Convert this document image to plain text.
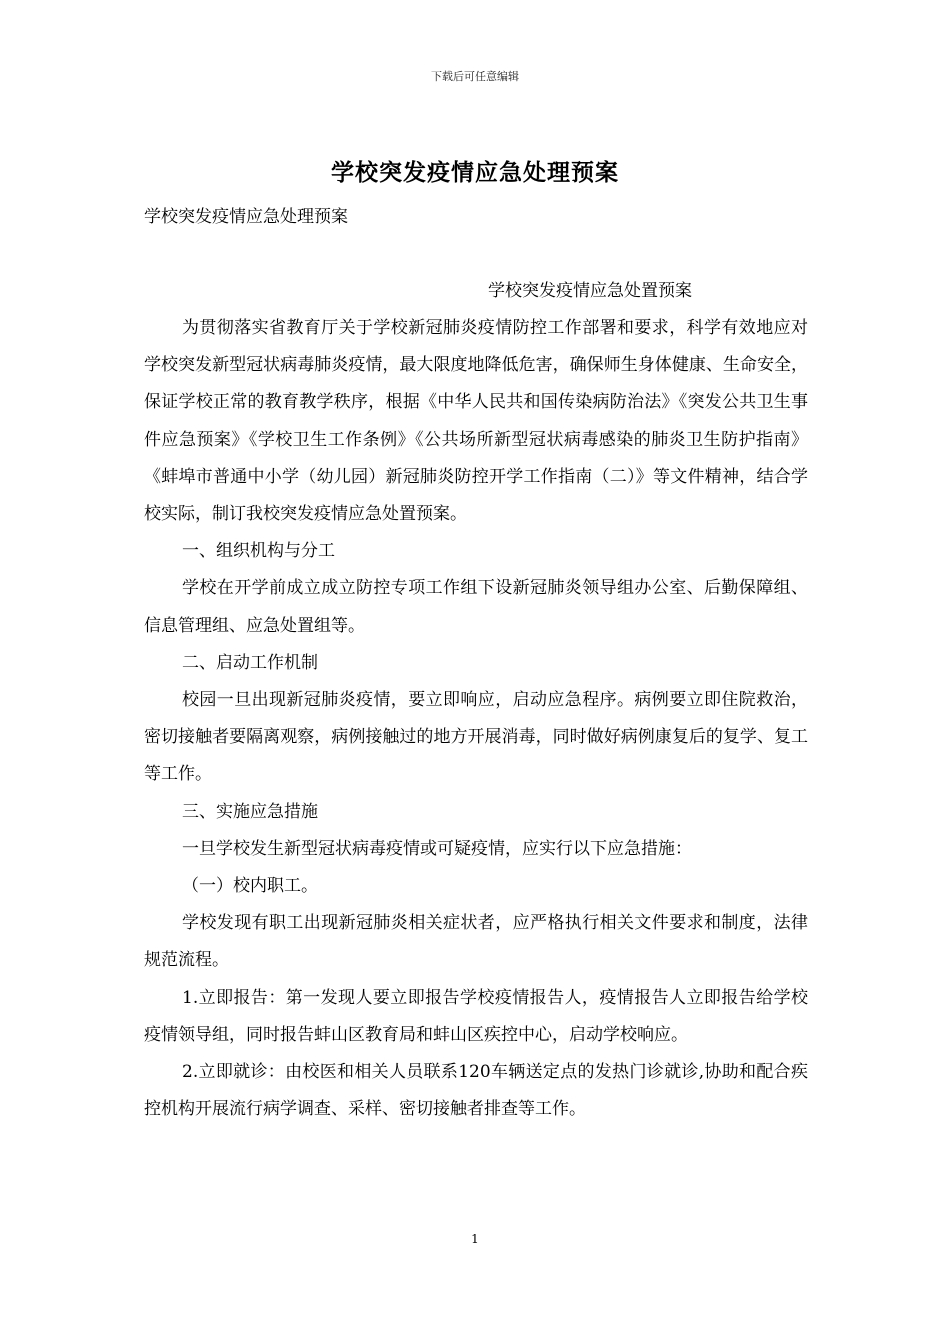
下载后可任意编辑
学校突发疫情应急处理预案
学校突发疫情应急处理预案
学校突发疫情应急处置预案

为贯彻落实省教育厅关于学校新冠肺炎疫情防控工作部署和要求，科学有效地应对学校突发新型冠状病毒肺炎疫情，最大限度地降低危害，确保师生身体健康、生命安全，保证学校正常的教育教学秩序，根据《中华人民共和国传染病防治法》《突发公共卫生事件应急预案》《学校卫生工作条例》《公共场所新型冠状病毒感染的肺炎卫生防护指南》《蚌埠市普通中小学（幼儿园）新冠肺炎防控开学工作指南（二）》等文件精神，结合学校实际，制订我校突发疫情应急处置预案。

一、组织机构与分工

学校在开学前成立成立防控专项工作组下设新冠肺炎领导组办公室、后勤保障组、信息管理组、应急处置组等。

二、启动工作机制

校园一旦出现新冠肺炎疫情，要立即响应，启动应急程序。病例要立即住院救治，密切接触者要隔离观察，病例接触过的地方开展消毒，同时做好病例康复后的复学、复工等工作。

三、实施应急措施

一旦学校发生新型冠状病毒疫情或可疑疫情，应实行以下应急措施：

（一）校内职工。

学校发现有职工出现新冠肺炎相关症状者，应严格执行相关文件要求和制度，法律规范流程。

1.立即报告：第一发现人要立即报告学校疫情报告人，疫情报告人立即报告给学校疫情领导组，同时报告蚌山区教育局和蚌山区疾控中心，启动学校响应。

2.立即就诊：由校医和相关人员联系120车辆送定点的发热门诊就诊,协助和配合疾控机构开展流行病学调查、采样、密切接触者排查等工作。

1
